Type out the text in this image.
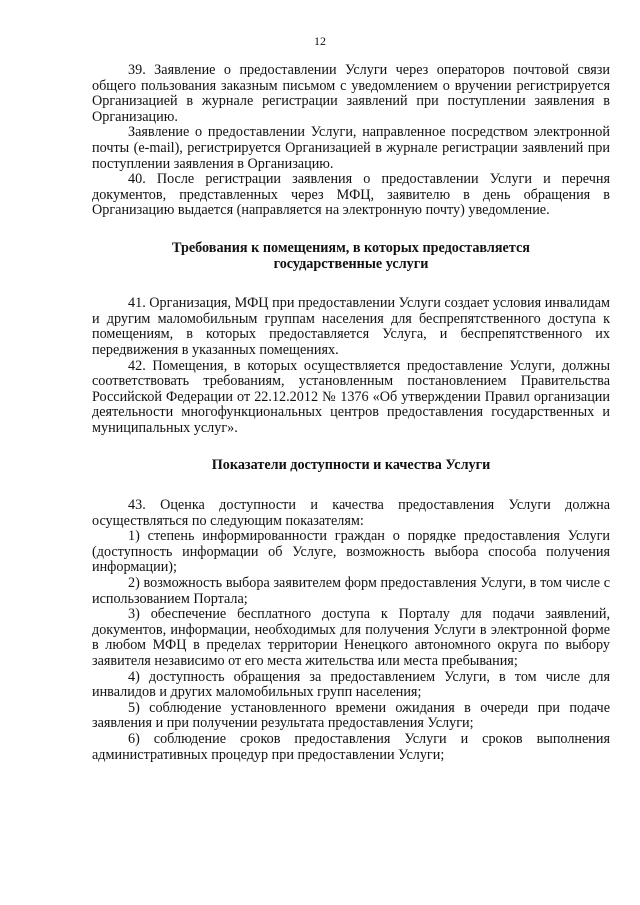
12

39. Заявление о предоставлении Услуги через операторов почтовой связи общего пользования заказным письмом с уведомлением о вручении регистрируется Организацией в журнале регистрации заявлений при поступлении заявления в Организацию.

Заявление о предоставлении Услуги, направленное посредством электронной почты (e-mail), регистрируется Организацией в журнале регистрации заявлений при поступлении заявления в Организацию.

40. После регистрации заявления о предоставлении Услуги и перечня документов, представленных через МФЦ, заявителю в день обращения в Организацию выдается (направляется на электронную почту) уведомление.

Требования к помещениям, в которых предоставляется
государственные услуги

41. Организация, МФЦ при предоставлении Услуги создает условия инвалидам и другим маломобильным группам населения для беспрепятственного доступа к помещениям, в которых предоставляется Услуга, и беспрепятственного их передвижения в указанных помещениях.

42. Помещения, в которых осуществляется предоставление Услуги, должны соответствовать требованиям, установленным постановлением Правительства Российской Федерации от 22.12.2012 № 1376 «Об утверждении Правил организации деятельности многофункциональных центров предоставления государственных и муниципальных услуг».

Показатели доступности и качества Услуги

43. Оценка доступности и качества предоставления Услуги должна осуществляться по следующим показателям:

1) степень информированности граждан о порядке предоставления Услуги (доступность информации об Услуге, возможность выбора способа получения информации);

2) возможность выбора заявителем форм предоставления Услуги, в том числе с использованием Портала;

3) обеспечение бесплатного доступа к Порталу для подачи заявлений, документов, информации, необходимых для получения Услуги в электронной форме в любом МФЦ в пределах территории Ненецкого автономного округа по выбору заявителя независимо от его места жительства или места пребывания;

4) доступность обращения за предоставлением Услуги, в том числе для инвалидов и других маломобильных групп населения;

5) соблюдение установленного времени ожидания в очереди при подаче заявления и при получении результата предоставления Услуги;

6) соблюдение сроков предоставления Услуги и сроков выполнения административных процедур при предоставлении Услуги;
